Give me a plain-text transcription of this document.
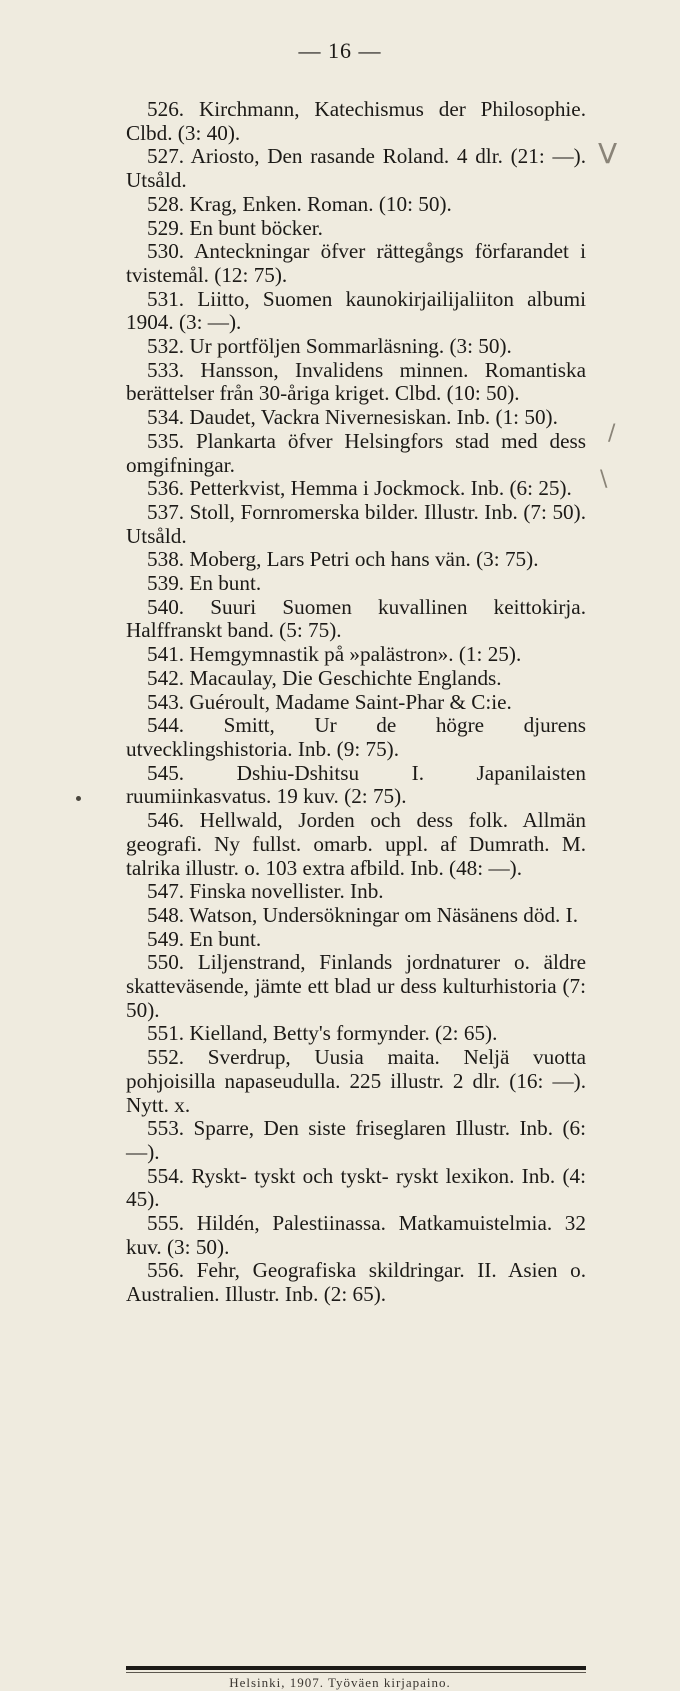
— 16 —

526. Kirchmann, Katechismus der Philosophie. Clbd. (3: 40).

527. Ariosto, Den rasande Roland. 4 dlr. (21: —). Utsåld.

528. Krag, Enken. Roman. (10: 50).

529. En bunt böcker.

530. Anteckningar öfver rättegångs förfarandet i tvistemål. (12: 75).

531. Liitto, Suomen kaunokirjailijaliiton albumi 1904. (3: —).

532. Ur portföljen Sommarläsning. (3: 50).

533. Hansson, Invalidens minnen. Romantiska berättelser från 30-åriga kriget. Clbd. (10: 50).

534. Daudet, Vackra Nivernesiskan. Inb. (1: 50).

535. Plankarta öfver Helsingfors stad med dess omgifningar.

536. Petterkvist, Hemma i Jockmock. Inb. (6: 25).

537. Stoll, Fornromerska bilder. Illustr. Inb. (7: 50). Utsåld.

538. Moberg, Lars Petri och hans vän. (3: 75).

539. En bunt.

540. Suuri Suomen kuvallinen keittokirja. Halffranskt band. (5: 75).

541. Hemgymnastik på »palästron». (1: 25).

542. Macaulay, Die Geschichte Englands.

543. Guéroult, Madame Saint-Phar & C:ie.

544. Smitt, Ur de högre djurens utvecklingshistoria. Inb. (9: 75).

545. Dshiu-Dshitsu I. Japanilaisten ruumiinkasvatus. 19 kuv. (2: 75).

546. Hellwald, Jorden och dess folk. Allmän geografi. Ny fullst. omarb. uppl. af Dumrath. M. talrika illustr. o. 103 extra afbild. Inb. (48: —).

547. Finska novellister. Inb.

548. Watson, Undersökningar om Näsänens död. I.

549. En bunt.

550. Liljenstrand, Finlands jordnaturer o. äldre skatteväsende, jämte ett blad ur dess kulturhistoria (7: 50).

551. Kielland, Betty's formynder. (2: 65).

552. Sverdrup, Uusia maita. Neljä vuotta pohjoisilla napaseudulla. 225 illustr. 2 dlr. (16: —). Nytt. x.

553. Sparre, Den siste friseglaren Illustr. Inb. (6: —).

554. Ryskt- tyskt och tyskt- ryskt lexikon. Inb. (4: 45).

555. Hildén, Palestiinassa. Matkamuistelmia. 32 kuv. (3: 50).

556. Fehr, Geografiska skildringar. II. Asien o. Australien. Illustr. Inb. (2: 65).

V
/
\
Helsinki, 1907. Työväen kirjapaino.
